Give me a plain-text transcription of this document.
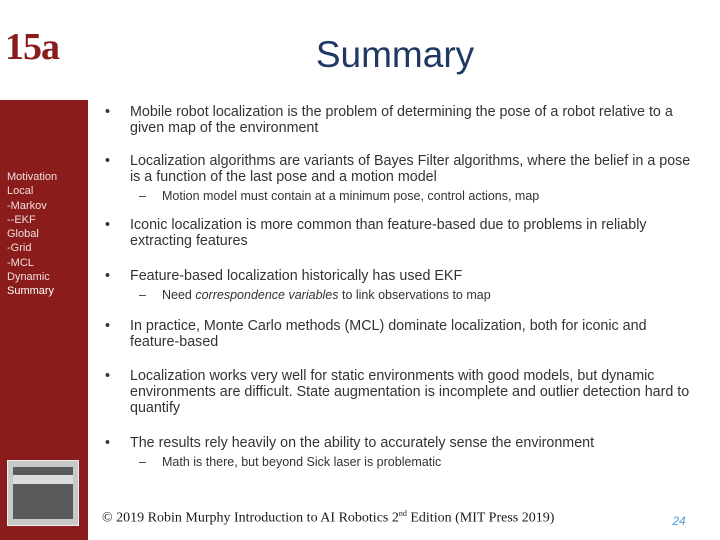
Motivation
Local
-Markov
--EKF
Global
-Grid
-MCL
Dynamic
Summary
15a	Summary
• Mobile robot localization is the problem of determining the pose of a robot relative to a given map of the environment
• Localization algorithms are variants of Bayes Filter algorithms, where the belief in a pose is a function of the last pose and a motion model
– Motion model must contain at a minimum pose, control actions, map
• Iconic localization is more common than feature-based due to problems in reliably extracting features
• Feature-based localization historically has used EKF
– Need correspondence variables to link observations to map
• In practice, Monte Carlo methods (MCL) dominate localization, both for iconic and feature-based
• Localization works very well for static environments with good models, but dynamic environments are difficult. State augmentation is incomplete and outlier detection hard to quantify
• The results rely heavily on the ability to accurately sense the environment
– Math is there, but beyond Sick laser is problematic
© 2019 Robin Murphy Introduction to AI Robotics 2nd Edition (MIT Press 2019)	24
